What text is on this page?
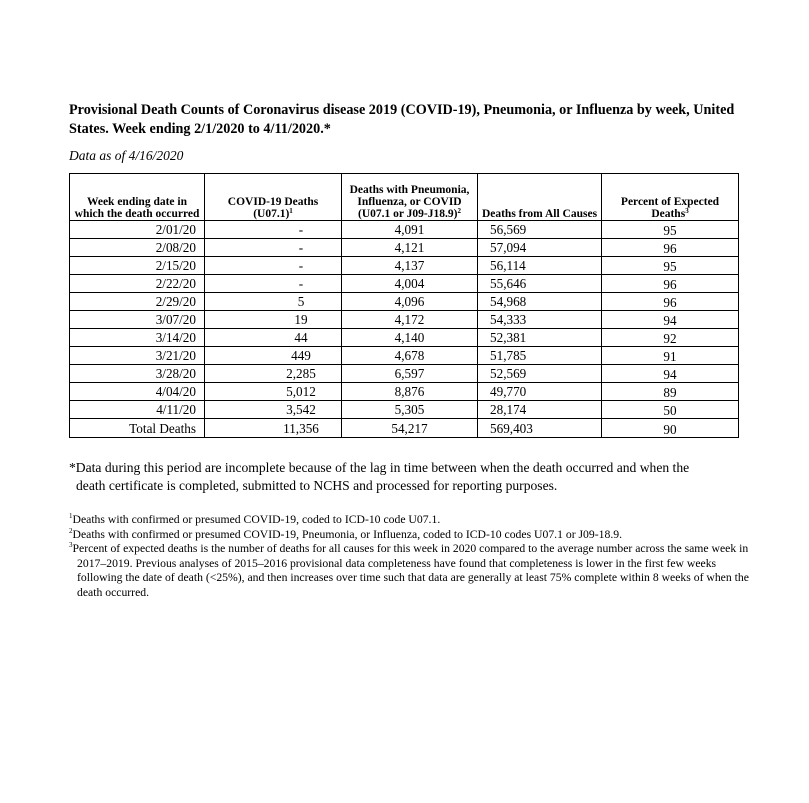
Provisional Death Counts of Coronavirus disease 2019 (COVID-19), Pneumonia, or Influenza by week, United States. Week ending 2/1/2020 to 4/11/2020.*
Data as of 4/16/2020
Week ending date in which the death occurred	COVID-19 Deaths $(U07.1)^1$	Deaths with Pneumonia, Influenza, or COVID (U07.1 or J09-J18.9)$^2$	Deaths from All Causes	Percent of Expected Deaths$^3$
2/01/20	-	4,091	56,569	95
2/08/20	-	4,121	57,094	96
2/15/20	-	4,137	56,114	95
2/22/20	-	4,004	55,646	96
2/29/20	5	4,096	54,968	96
3/07/20	19	4,172	54,333	94
3/14/20	44	4,140	52,381	92
3/21/20	449	4,678	51,785	91
3/28/20	2,285	6,597	52,569	94
4/04/20	5,012	8,876	49,770	89
4/11/20	3,542	5,305	28,174	50
Total Deaths	11,356	54,217	569,403	90
*Data during this period are incomplete because of the lag in time between when the death occurred and when the
death certificate is completed, submitted to NCHS and processed for reporting purposes.
$^1$Deaths with confirmed or presumed COVID-19, coded to ICD-10 code U07.1.
$^2$Deaths with confirmed or presumed COVID-19, Pneumonia, or Influenza, coded to ICD-10 codes U07.1 or J09-18.9.
$^3$Percent of expected deaths is the number of deaths for all causes for this week in 2020 compared to the average number across the same week in 2017–2019. Previous analyses of 2015–2016 provisional data completeness have found that completeness is lower in the first few weeks following the date of death (<25%), and then increases over time such that data are generally at least 75% complete within 8 weeks of when the death occurred.
